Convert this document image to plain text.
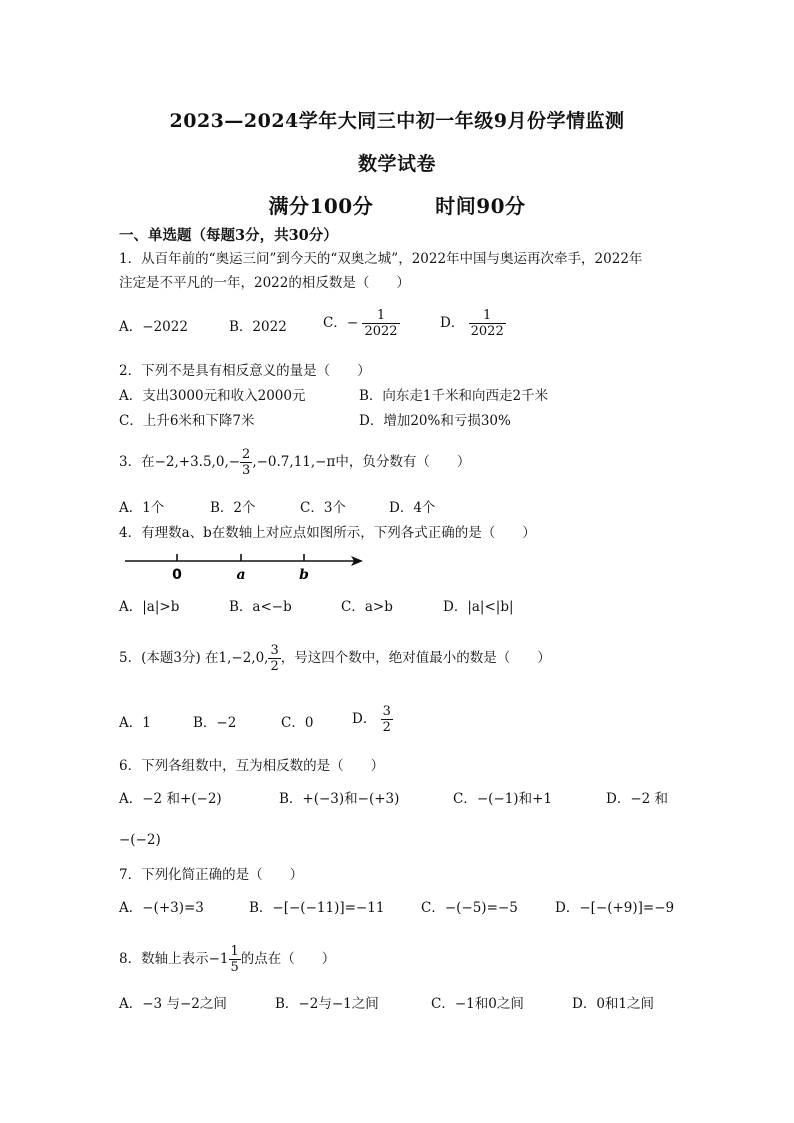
2023—2024学年大同三中初一年级9月份学情监测
数学试卷
满分100分	时间90分
一、单选题（每题3分，共30分）
1．从百年前的“奥运三问”到今天的“双奥之城”，2022年中国与奥运再次牵手，2022年
注定是不平凡的一年，2022的相反数是（　　）
A．−2022	B．2022	C．− $\frac{1}{2022}$	D． $\frac{1}{2022}$
2．下列不是具有相反意义的量是（　　）
A．支出3000元和收入2000元	B．向东走1千米和向西走2千米
C．上升6米和下降7米	D．增加20%和亏损30%
3．在$-2,+3.5,0,- \frac{2}{3} ,-0.7,11,-\pi$中，负分数有（　　）
A．1个	B．2个	C．3个	D．4个
4．有理数a、b在数轴上对应点如图所示，下列各式正确的是（　　）
0	a	b
A．|a|>b	B．a<−b	C．a>b	D．|a|<|b|
5．(本题3分) 在1,−2,0, $\frac{3}{2}$ ，号这四个数中，绝对值最小的数是（　　）
A．1	B．−2	C．0	D． $\frac{3}{2}$
6．下列各组数中，互为相反数的是（　　）
A．−2 和+(−2)	B．+(−3)和−(+3)	C．−(−1)和+1	D．−2 和
−(−2)
7．下列化简正确的是（　　）
A．−(+3)=3	B．−[−(−11)]=−11	C．−(−5)=−5	D．−[−(+9)]=−9
8．数轴上表示$-1 \frac{1}{5}$ 的点在（　　）
A．−3 与−2之间	B．−2与−1之间	C．−1和0之间	D．0和1之间
